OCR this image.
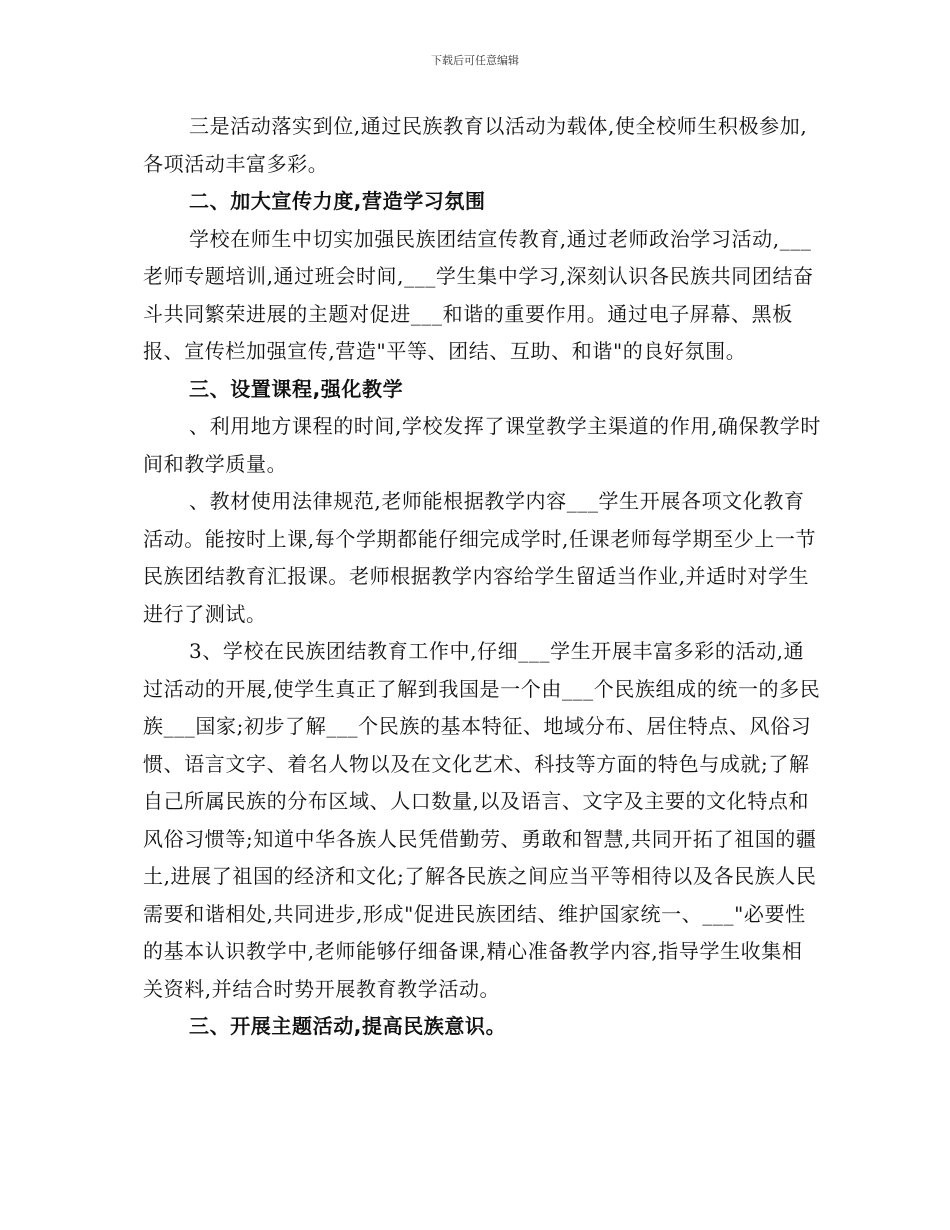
下载后可任意编辑

三是活动落实到位,通过民族教育以活动为载体,使全校师生积极参加,各项活动丰富多彩。

二、加大宣传力度,营造学习氛围

学校在师生中切实加强民族团结宣传教育,通过老师政治学习活动,___老师专题培训,通过班会时间,___学生集中学习,深刻认识各民族共同团结奋斗共同繁荣进展的主题对促进___和谐的重要作用。通过电子屏幕、黑板报、宣传栏加强宣传,营造"平等、团结、互助、和谐"的良好氛围。

三、设置课程,强化教学

、利用地方课程的时间,学校发挥了课堂教学主渠道的作用,确保教学时间和教学质量。

、教材使用法律规范,老师能根据教学内容___学生开展各项文化教育活动。能按时上课,每个学期都能仔细完成学时,任课老师每学期至少上一节民族团结教育汇报课。老师根据教学内容给学生留适当作业,并适时对学生进行了测试。

3、学校在民族团结教育工作中,仔细___学生开展丰富多彩的活动,通过活动的开展,使学生真正了解到我国是一个由___个民族组成的统一的多民族___国家;初步了解___个民族的基本特征、地域分布、居住特点、风俗习惯、语言文字、着名人物以及在文化艺术、科技等方面的特色与成就;了解自己所属民族的分布区域、人口数量,以及语言、文字及主要的文化特点和风俗习惯等;知道中华各族人民凭借勤劳、勇敢和智慧,共同开拓了祖国的疆土,进展了祖国的经济和文化;了解各民族之间应当平等相待以及各民族人民需要和谐相处,共同进步,形成"促进民族团结、维护国家统一、___"必要性的基本认识教学中,老师能够仔细备课,精心准备教学内容,指导学生收集相关资料,并结合时势开展教育教学活动。

三、开展主题活动,提高民族意识。
